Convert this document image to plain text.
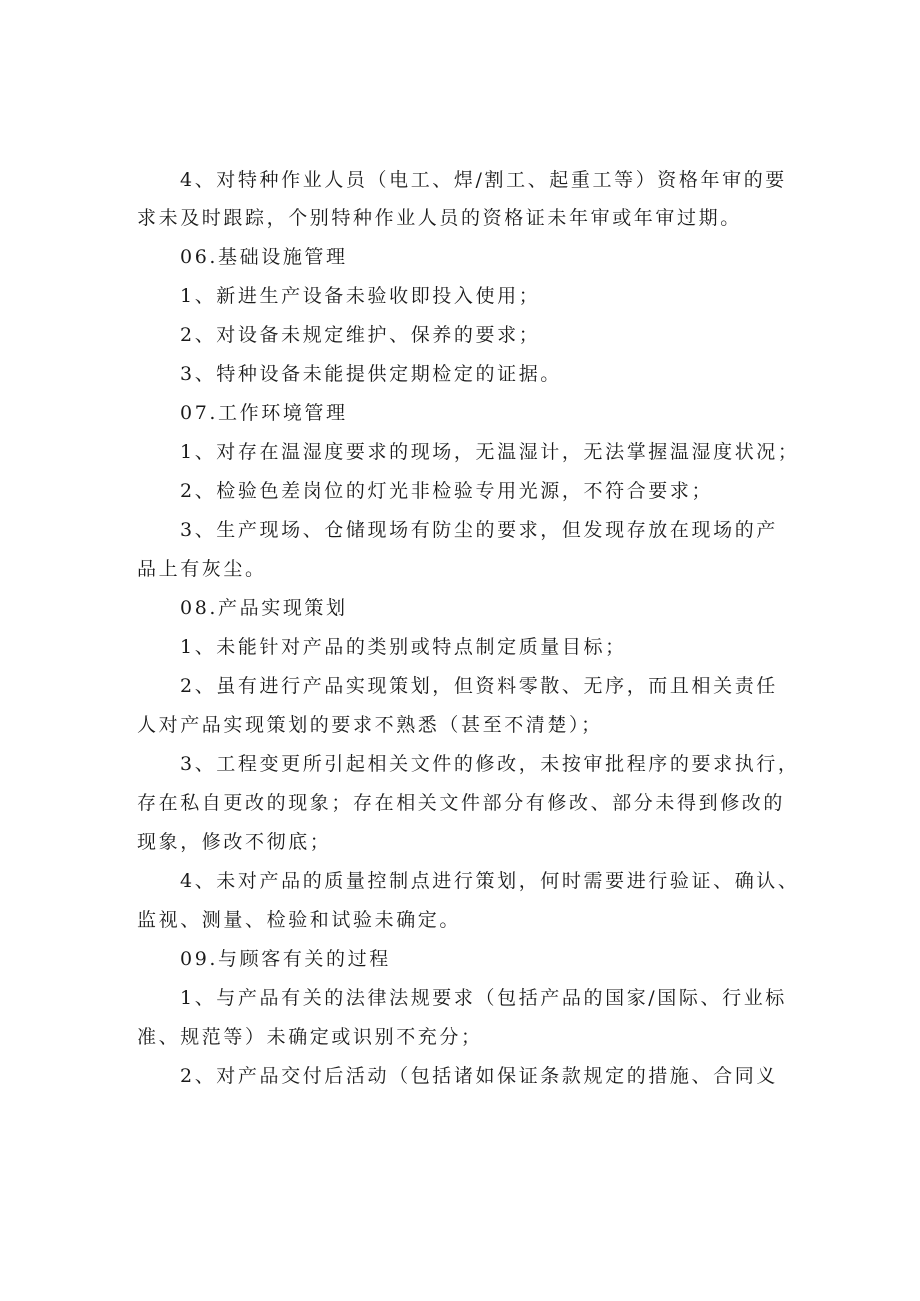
4、对特种作业人员（电工、焊/割工、起重工等）资格年审的要

求未及时跟踪，个别特种作业人员的资格证未年审或年审过期。

06.基础设施管理

1、新进生产设备未验收即投入使用；

2、对设备未规定维护、保养的要求；

3、特种设备未能提供定期检定的证据。

07.工作环境管理

1、对存在温湿度要求的现场，无温湿计，无法掌握温湿度状况；

2、检验色差岗位的灯光非检验专用光源，不符合要求；

3、生产现场、仓储现场有防尘的要求，但发现存放在现场的产

品上有灰尘。

08.产品实现策划

1、未能针对产品的类别或特点制定质量目标；

2、虽有进行产品实现策划，但资料零散、无序，而且相关责任

人对产品实现策划的要求不熟悉（甚至不清楚）；

3、工程变更所引起相关文件的修改，未按审批程序的要求执行，

存在私自更改的现象；存在相关文件部分有修改、部分未得到修改的

现象，修改不彻底；

4、未对产品的质量控制点进行策划，何时需要进行验证、确认、

监视、测量、检验和试验未确定。

09.与顾客有关的过程

1、与产品有关的法律法规要求（包括产品的国家/国际、行业标

准、规范等）未确定或识别不充分；

2、对产品交付后活动（包括诸如保证条款规定的措施、合同义
